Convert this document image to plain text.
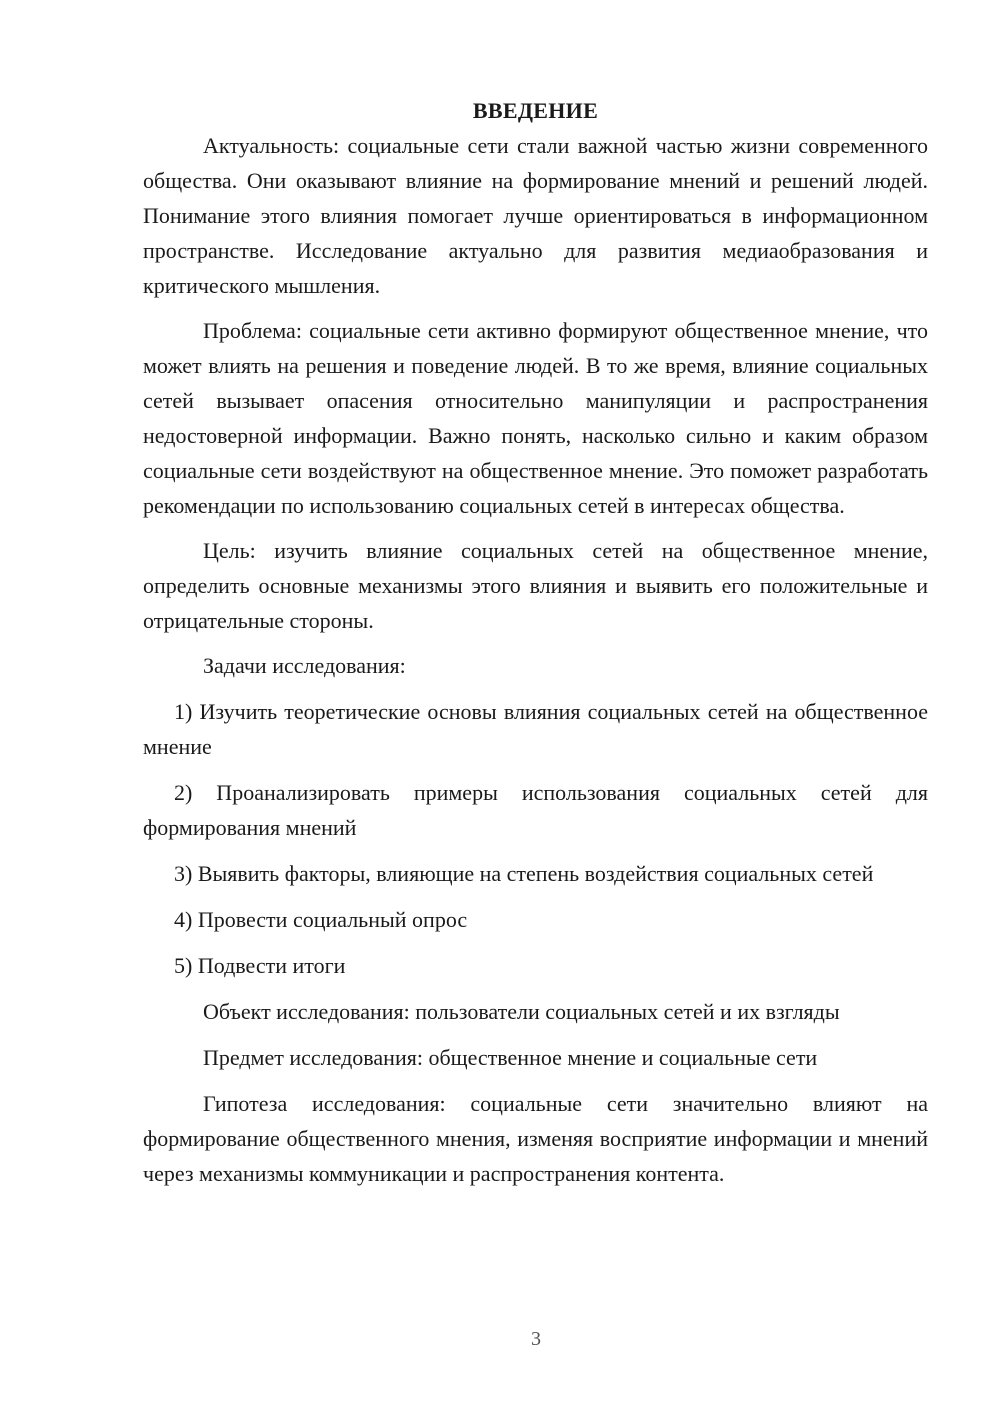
ВВЕДЕНИЕ

Актуальность: социальные сети стали важной частью жизни современного общества. Они оказывают влияние на формирование мнений и решений людей. Понимание этого влияния помогает лучше ориентироваться в информационном пространстве. Исследование актуально для развития медиаобразования и критического мышления.

Проблема: социальные сети активно формируют общественное мнение, что может влиять на решения и поведение людей. В то же время, влияние социальных сетей вызывает опасения относительно манипуляции и распространения недостоверной информации. Важно понять, насколько сильно и каким образом социальные сети воздействуют на общественное мнение. Это поможет разработать рекомендации по использованию социальных сетей в интересах общества.

Цель: изучить влияние социальных сетей на общественное мнение, определить основные механизмы этого влияния и выявить его положительные и отрицательные стороны.

Задачи исследования:

1) Изучить теоретические основы влияния социальных сетей на общественное мнение

2) Проанализировать примеры использования социальных сетей для формирования мнений

3) Выявить факторы, влияющие на степень воздействия социальных сетей

4) Провести социальный опрос

5) Подвести итоги

Объект исследования: пользователи социальных сетей и их взгляды

Предмет исследования: общественное мнение и социальные сети

Гипотеза исследования: социальные сети значительно влияют на формирование общественного мнения, изменяя восприятие информации и мнений через механизмы коммуникации и распространения контента.

3
